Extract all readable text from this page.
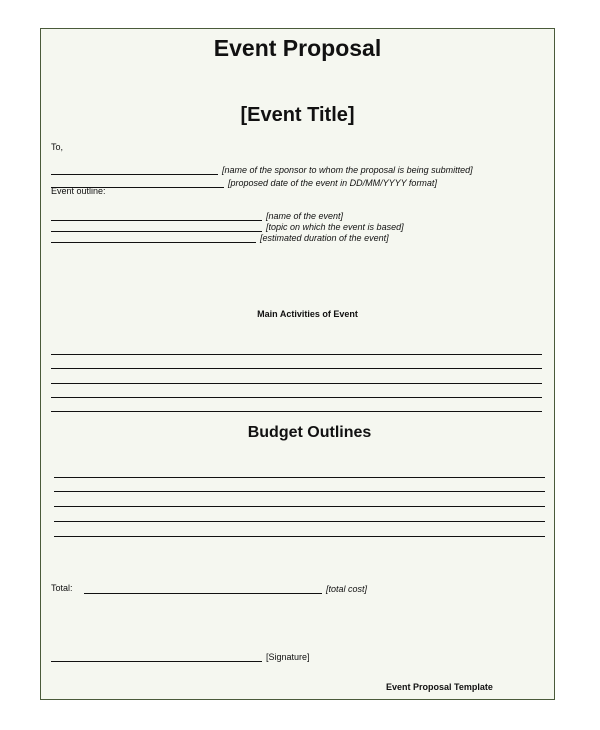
Event Proposal
[Event Title]
To,
[name of the sponsor to whom the proposal is being submitted]
[proposed date of the event in DD/MM/YYYY format]
Event outline:
[name of the event]
[topic on which the event is based]
[estimated duration of the event]
Main Activities of Event
Budget Outlines
Total:	[total cost]
[Signature]
Event Proposal Template
